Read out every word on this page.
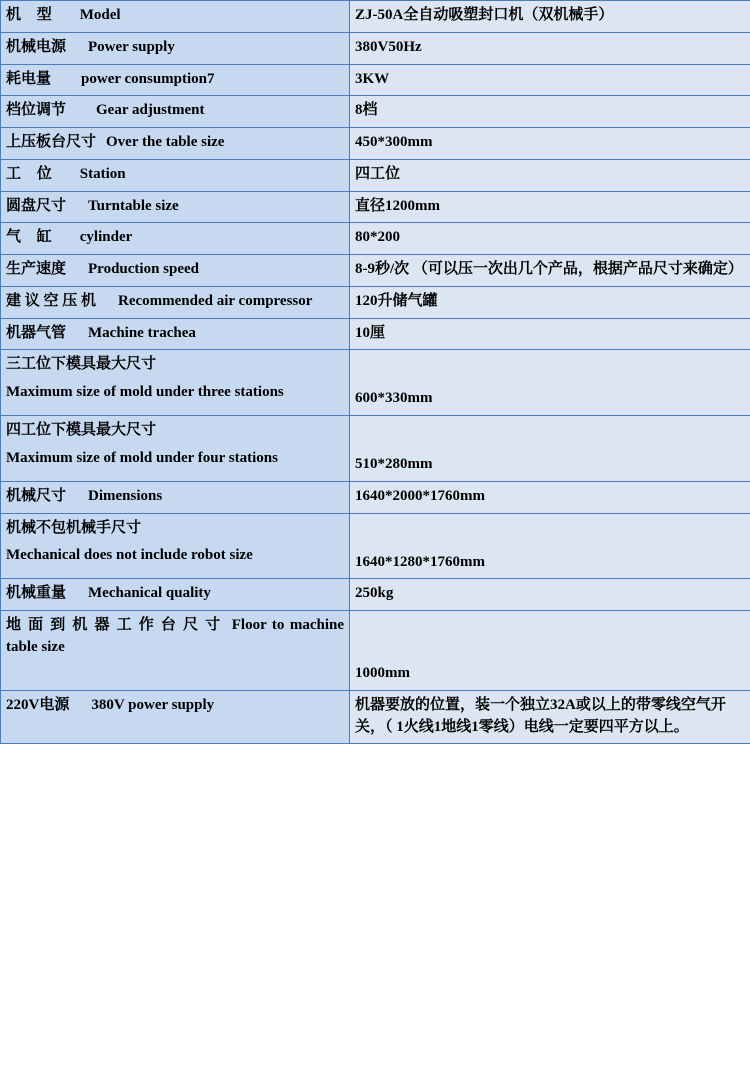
机 型 Model	ZJ-50A全自动吸塑封口机（双机械手）
机械电源 Power supply	380V50Hz
耗电量 power consumption7	3KW
档位调节 Gear adjustment	8档
上压板台尺寸 Over the table size	450*300mm
工 位 Station	四工位
圆盘尺寸 Turntable size	直径1200mm
气 缸 cylinder	80*200
生产速度 Production speed	8-9秒/次 （可以压一次出几个产品，根据产品尺寸来确定）

建 议 空 压 机 Recommended air compressor	120升储气罐
机器气管 Machine trachea	10厘

三工位下模具最大尺寸
Maximum size of mold under three stations	600*330mm

四工位下模具最大尺寸
Maximum size of mold under four stations	510*280mm
机械尺寸 Dimensions	1640*2000*1760mm

机械不包机械手尺寸
Mechanical does not include robot size	1640*1280*1760mm
机械重量 Mechanical quality	250kg

地 面 到 机 器 工 作 台 尺 寸 Floor to machine table size	1000mm
220V电源 380V power supply	机器要放的位置，装一个独立32A或以上的带零线空气开关，（ 1火线1地线1零线）电线一定要四平方以上。
